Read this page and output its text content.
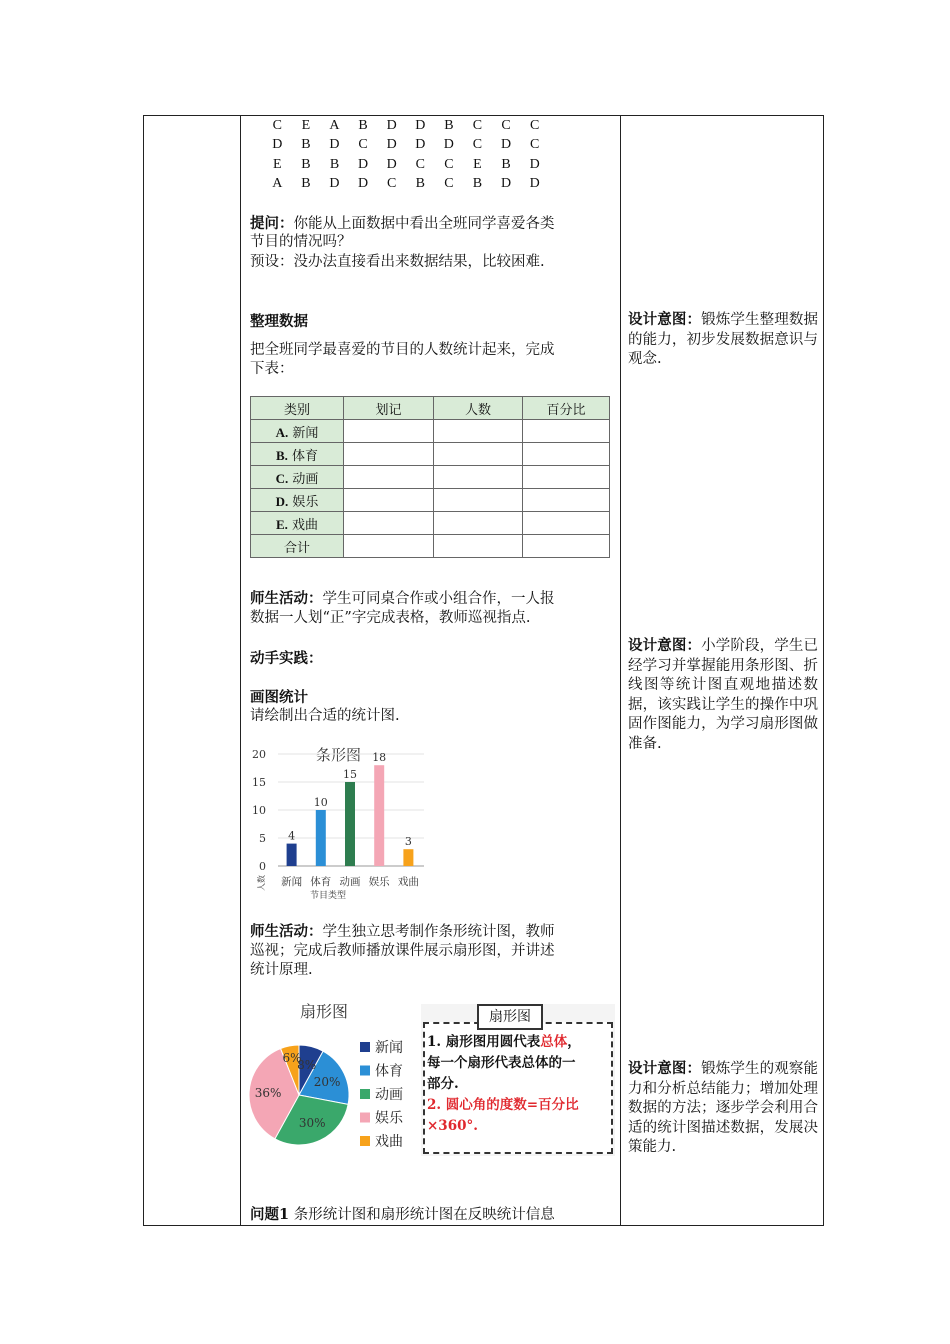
C	E	A	B	D	D	B	C	C	C
D	B	D	C	D	D	D	C	D	C
E	B	B	D	D	C	C	E	B	D
A	B	D	D	C	B	C	B	D	D
提问：你能从上面数据中看出全班同学喜爱各类
节目的情况吗？
预设：没办法直接看出来数据结果，比较困难.
整理数据
把全班同学最喜爱的节目的人数统计起来，完成
下表：
类别	划记	人数	百分比
A. 新闻			
B. 体育			
C. 动画			
D. 娱乐			
E. 戏曲			
合计			
师生活动：学生可同桌合作或小组合作，一人报
数据一人划“正”字完成表格，教师巡视指点.
动手实践：
画图统计
请绘制出合适的统计图.
条形图
人数
节目类型
0
5
10
15
20
4
新闻
10
体育
15
动画
18
娱乐
3
戏曲
师生活动：学生独立思考制作条形统计图，教师
巡视；完成后教师播放课件展示扇形图，并讲述
统计原理.
扇形图
8%
20%
30%
36%
6%
新闻
体育
动画
娱乐
戏曲
扇形图
1. 扇形图用圆代表总体，
每一个扇形代表总体的一
部分.
2. 圆心角的度数=百分比
×360°.
问题1 条形统计图和扇形统计图在反映统计信息
设计意图：锻炼学生整理数据的能力，初步发展数据意识与观念.
设计意图：小学阶段，学生已经学习并掌握能用条形图、折线图等统计图直观地描述数据，该实践让学生的操作中巩固作图能力，为学习扇形图做准备.
设计意图：锻炼学生的观察能力和分析总结能力；增加处理数据的方法；逐步学会利用合适的统计图描述数据，发展决策能力.
